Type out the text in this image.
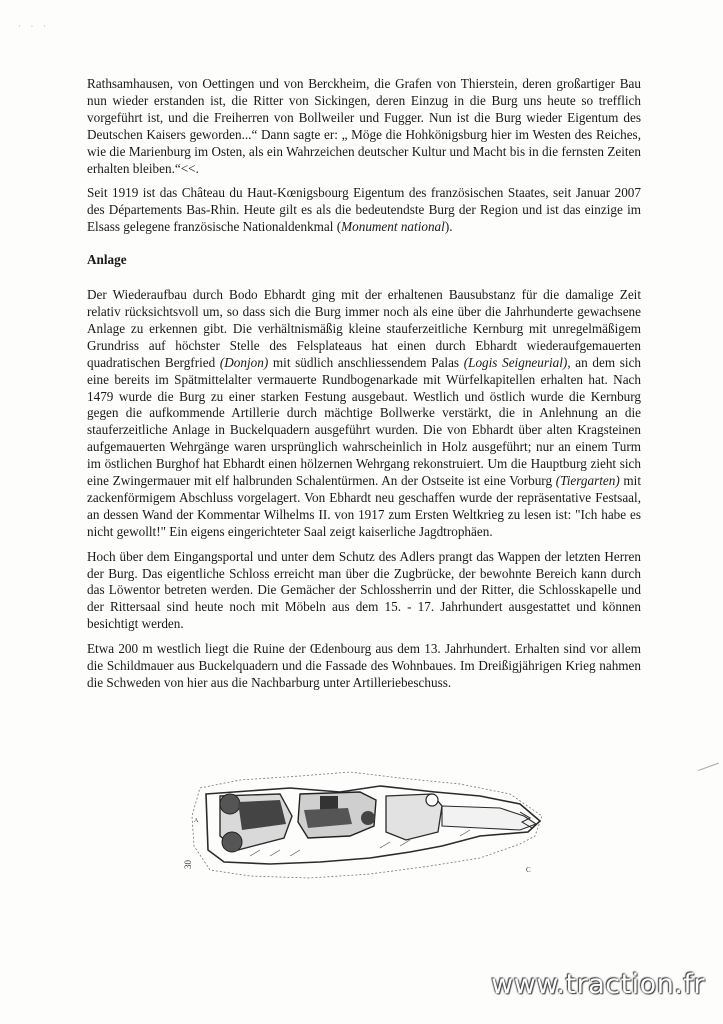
· · ·

Rathsamhausen, von Oettingen und von Berckheim, die Grafen von Thierstein, deren großartiger Bau nun wieder erstanden ist, die Ritter von Sickingen, deren Einzug in die Burg uns heute so trefflich vorgeführt ist, und die Freiherren von Bollweiler und Fugger. Nun ist die Burg wieder Eigentum des Deutschen Kaisers geworden...“ Dann sagte er: „ Möge die Hohkönigsburg hier im Westen des Reiches, wie die Marienburg im Osten, als ein Wahrzeichen deutscher Kultur und Macht bis in die fernsten Zeiten erhalten bleiben.“<<.

Seit 1919 ist das Château du Haut-Kœnigsbourg Eigentum des französischen Staates, seit Januar 2007 des Départements Bas-Rhin. Heute gilt es als die bedeutendste Burg der Region und ist das einzige im Elsass gelegene französische Nationaldenkmal (Monument national).

Anlage

Der Wiederaufbau durch Bodo Ebhardt ging mit der erhaltenen Bausubstanz für die damalige Zeit relativ rücksichtsvoll um, so dass sich die Burg immer noch als eine über die Jahrhunderte gewachsene Anlage zu erkennen gibt. Die verhältnismäßig kleine stauferzeitliche Kernburg mit unregelmäßigem Grundriss auf höchster Stelle des Felsplateaus hat einen durch Ebhardt wiederaufgemauerten quadratischen Bergfried (Donjon) mit südlich anschliessendem Palas (Logis Seigneurial), an dem sich eine bereits im Spätmittelalter vermauerte Rundbogenarkade mit Würfelkapitellen erhalten hat. Nach 1479 wurde die Burg zu einer starken Festung ausgebaut. Westlich und östlich wurde die Kernburg gegen die aufkommende Artillerie durch mächtige Bollwerke verstärkt, die in Anlehnung an die stauferzeitliche Anlage in Buckelquadern ausgeführt wurden. Die von Ebhardt über alten Kragsteinen aufgemauerten Wehrgänge waren ursprünglich wahrscheinlich in Holz ausgeführt; nur an einem Turm im östlichen Burghof hat Ebhardt einen hölzernen Wehrgang rekonstruiert. Um die Hauptburg zieht sich eine Zwingermauer mit elf halbrunden Schalentürmen. An der Ostseite ist eine Vorburg (Tiergarten) mit zackenförmigem Abschluss vorgelagert. Von Ebhardt neu geschaffen wurde der repräsentative Festsaal, an dessen Wand der Kommentar Wilhelms II. von 1917 zum Ersten Weltkrieg zu lesen ist: "Ich habe es nicht gewollt!" Ein eigens eingerichteter Saal zeigt kaiserliche Jagdtrophäen.

Hoch über dem Eingangsportal und unter dem Schutz des Adlers prangt das Wappen der letzten Herren der Burg. Das eigentliche Schloss erreicht man über die Zugbrücke, der bewohnte Bereich kann durch das Löwentor betreten werden. Die Gemächer der Schlossherrin und der Ritter, die Schlosskapelle und der Rittersaal sind heute noch mit Möbeln aus dem 15. - 17. Jahrhundert ausgestattet und können besichtigt werden.

Etwa 200 m westlich liegt die Ruine der Œdenbourg aus dem 13. Jahrhundert. Erhalten sind vor allem die Schildmauer aus Buckelquadern und die Fassade des Wohnbaues. Im Dreißigjährigen Krieg nahmen die Schweden von hier aus die Nachbarburg unter Artilleriebeschuss.

30
A
C
www.traction.fr
